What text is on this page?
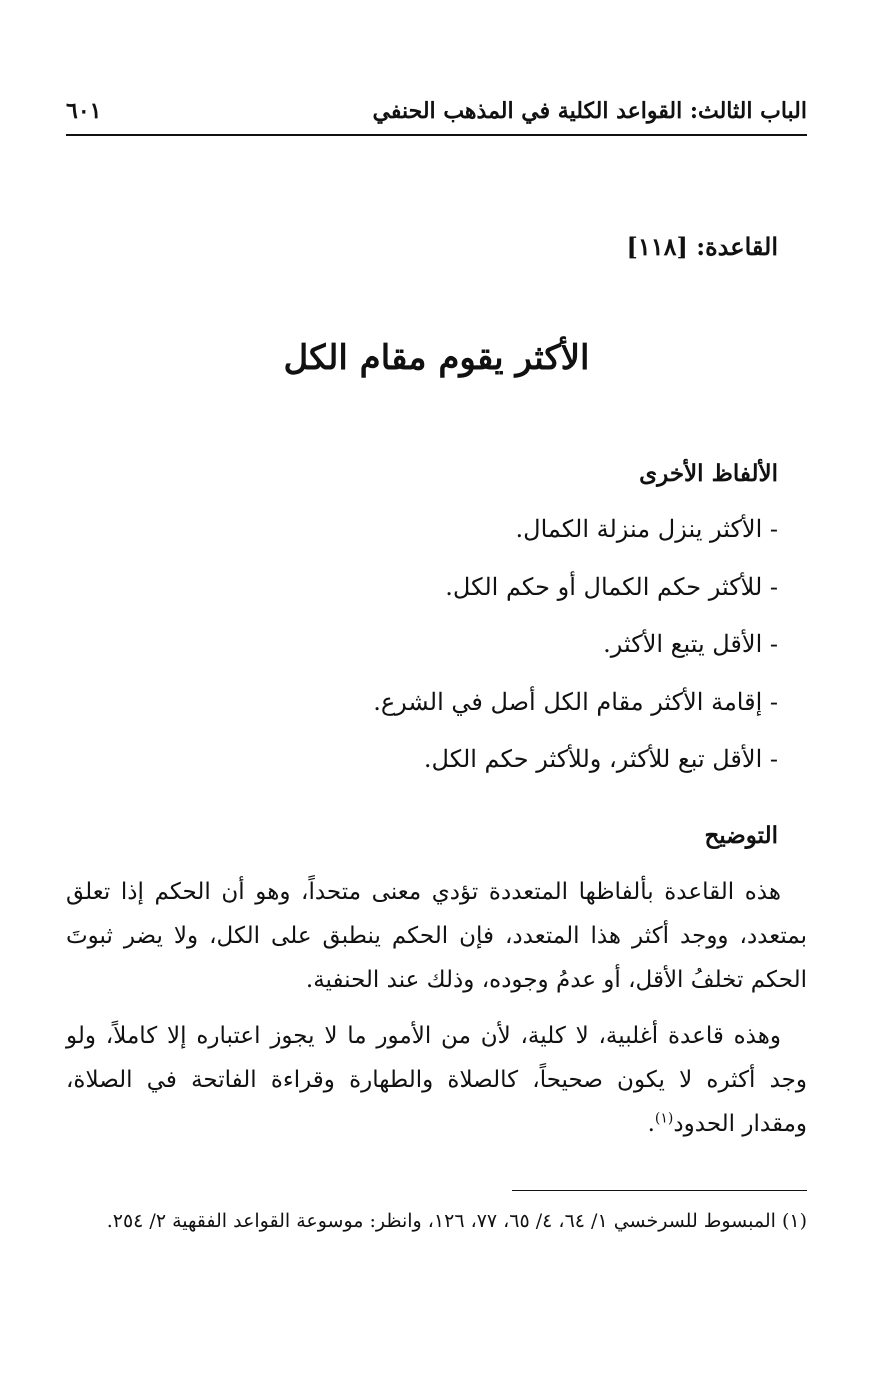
الباب الثالث: القواعد الكلية في المذهب الحنفي
٦٠١
القاعدة: [١١٨]
الأكثر يقوم مقام الكل
الألفاظ الأخرى
- الأكثر ينزل منزلة الكمال.
- للأكثر حكم الكمال أو حكم الكل.
- الأقل يتبع الأكثر.
- إقامة الأكثر مقام الكل أصل في الشرع.
- الأقل تبع للأكثر، وللأكثر حكم الكل.
التوضيح
هذه القاعدة بألفاظها المتعددة تؤدي معنى متحداً، وهو أن الحكم إذا تعلق بمتعدد، ووجد أكثر هذا المتعدد، فإن الحكم ينطبق على الكل، ولا يضر ثبوتَ الحكم تخلفُ الأقل، أو عدمُ وجوده، وذلك عند الحنفية.
وهذه قاعدة أغلبية، لا كلية، لأن من الأمور ما لا يجوز اعتباره إلا كاملاً، ولو وجد أكثره لا يكون صحيحاً، كالصلاة والطهارة وقراءة الفاتحة في الصلاة، ومقدار الحدود$^{(١)}$.
(١) المبسوط للسرخسي ١/ ٦٤، ٤/ ٦٥، ٧٧، ١٢٦، وانظر: موسوعة القواعد الفقهية ٢/ ٢٥٤.
